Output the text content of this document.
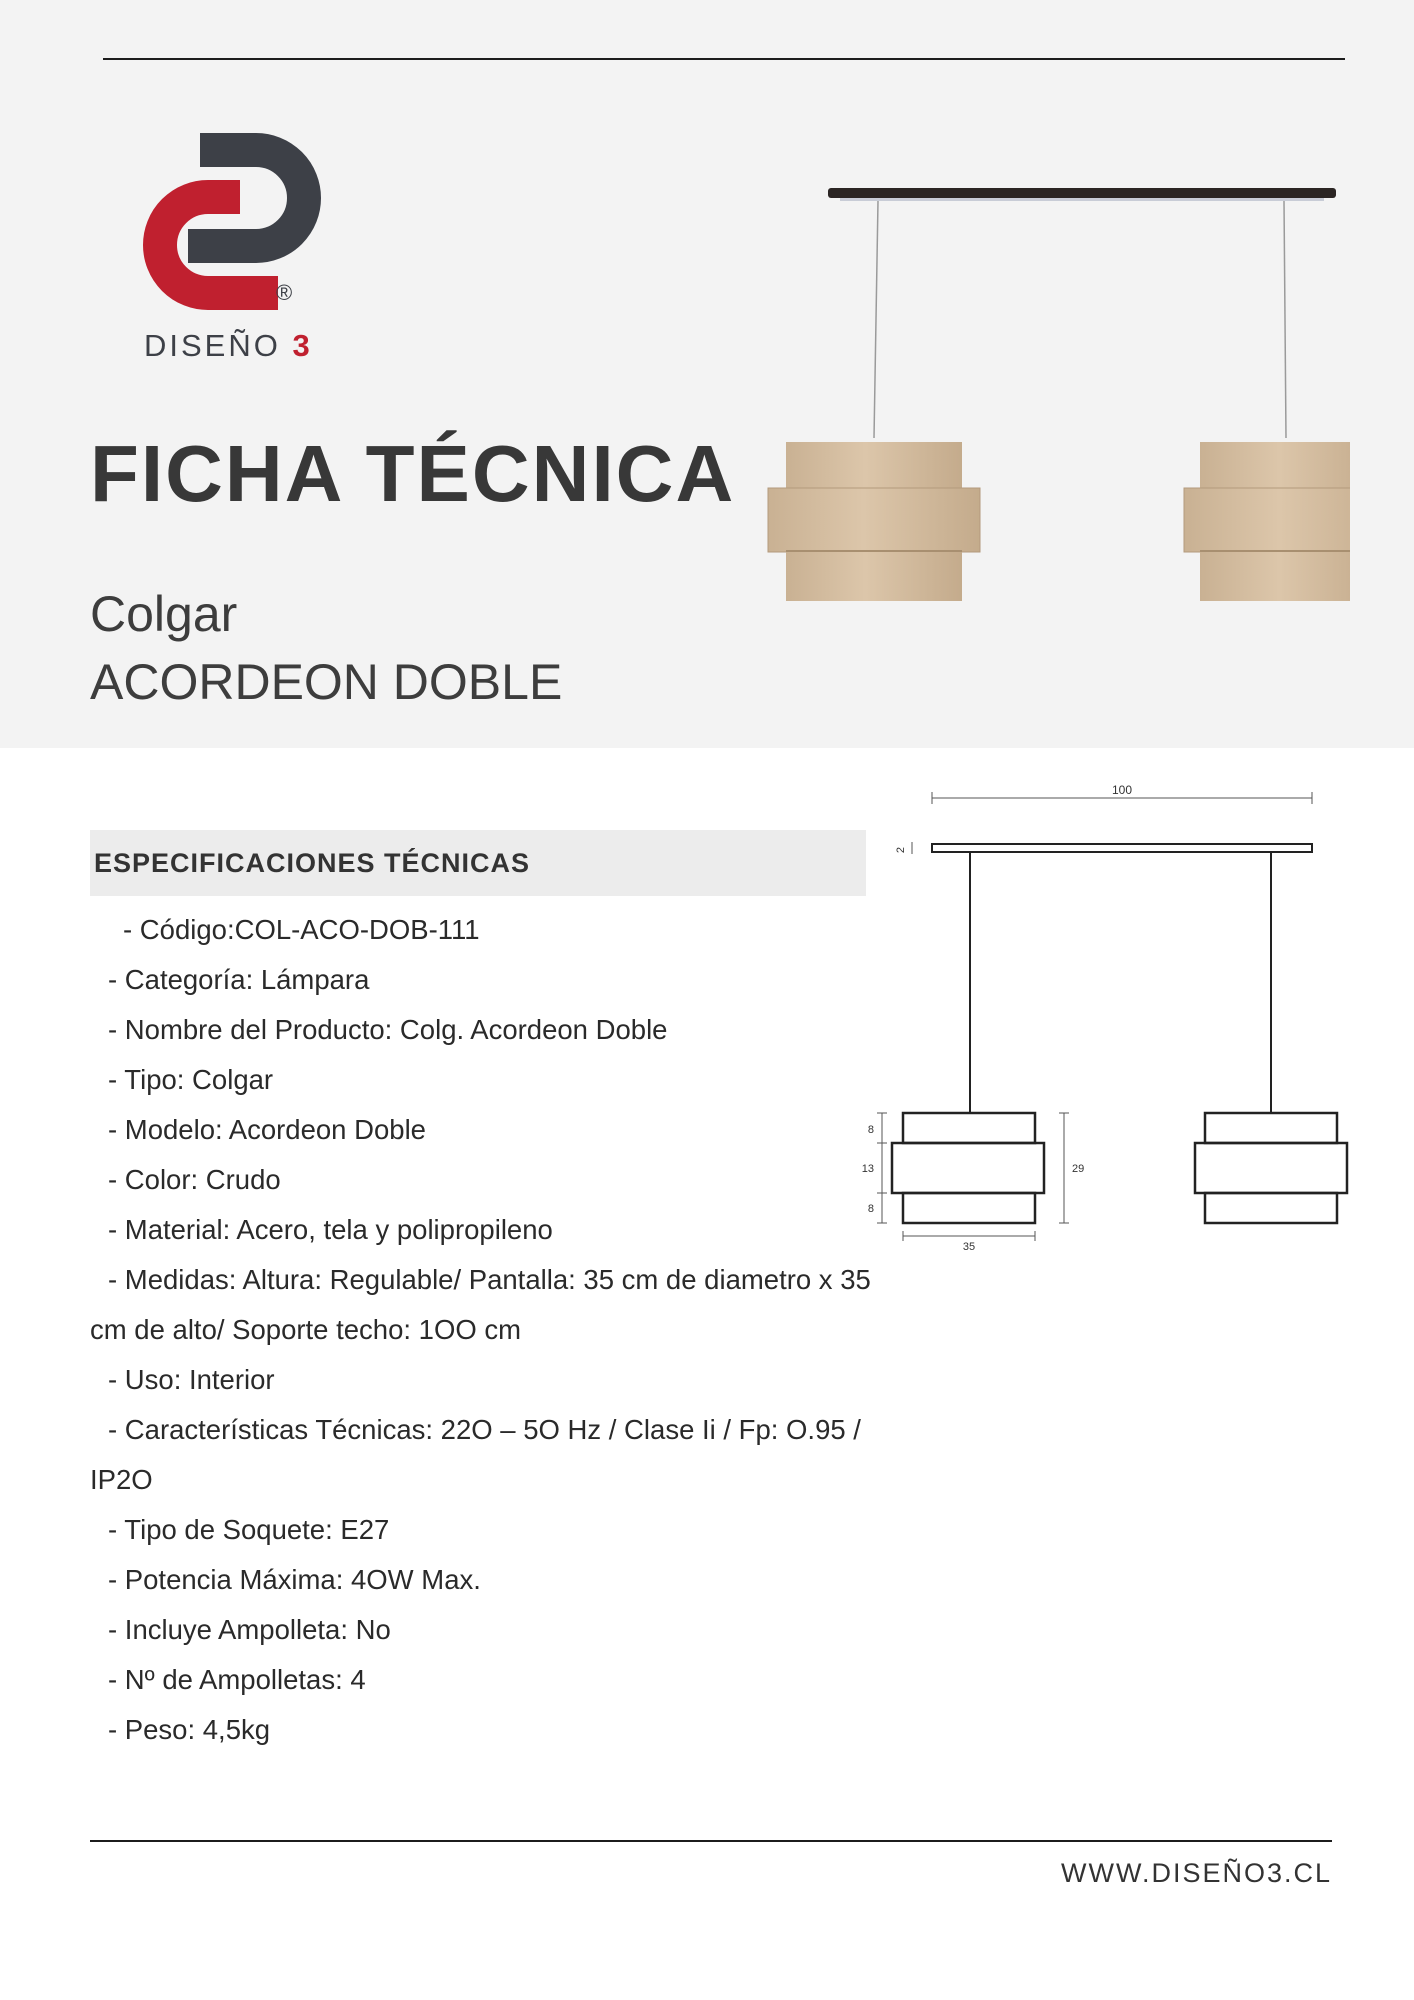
®
DISEÑO 3
FICHA TÉCNICA
Colgar
ACORDEON DOBLE
ESPECIFICACIONES TÉCNICAS
- Código:COL-ACO-DOB-111
- Categoría: Lámpara
- Nombre del Producto: Colg. Acordeon Doble
- Tipo: Colgar
- Modelo: Acordeon Doble
- Color: Crudo
- Material: Acero, tela y polipropileno
- Medidas: Altura: Regulable/ Pantalla: 35 cm de diametro x 35
cm de alto/ Soporte techo: 1OO cm
- Uso: Interior
- Características Técnicas: 22O – 5O Hz / Clase Ii / Fp: O.95 /
IP2O
- Tipo de Soquete: E27
- Potencia Máxima: 4OW Max.
- Incluye Ampolleta: No
- Nº de Ampolletas: 4
- Peso: 4,5kg
100
2
8
13
8
29
35
WWW.DISEÑO3.CL
